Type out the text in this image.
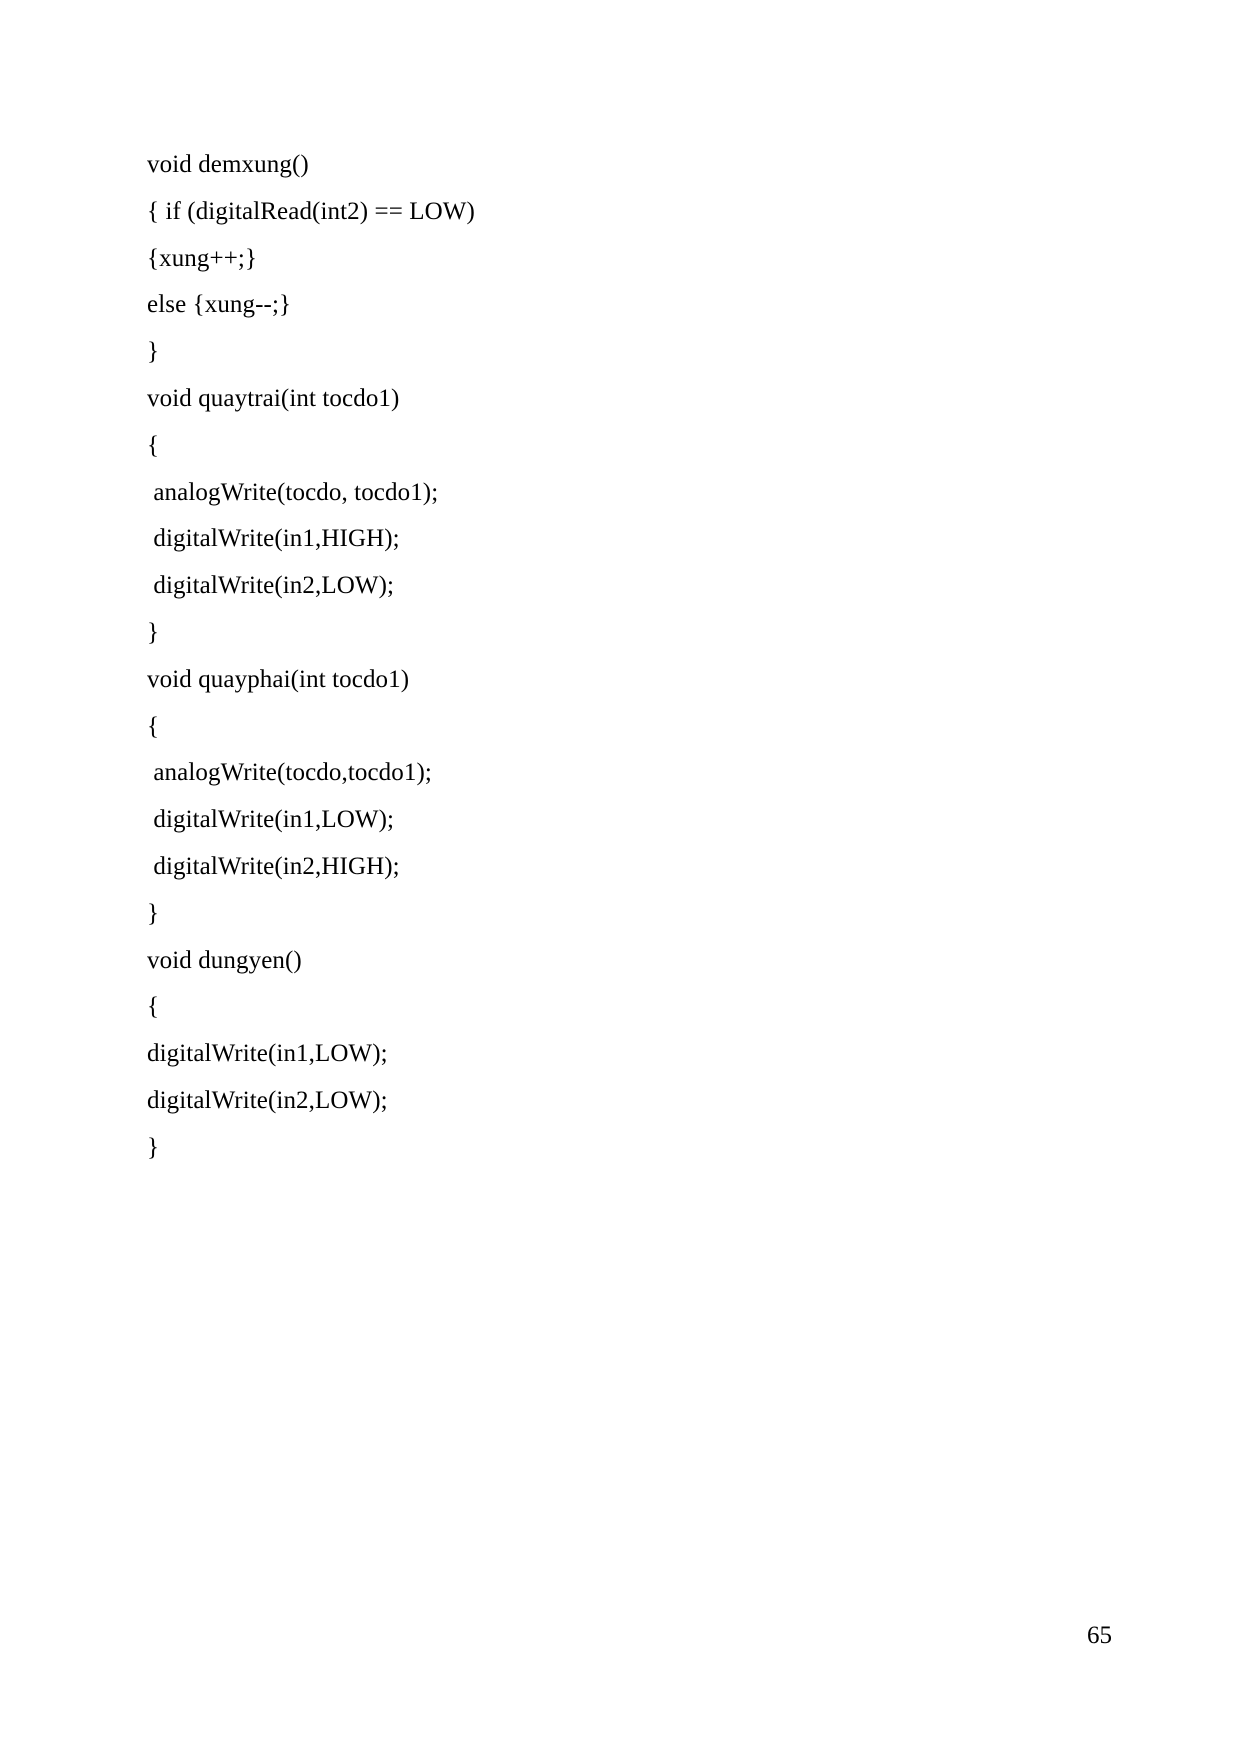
void demxung()
{ if (digitalRead(int2) == LOW)
{xung++;}
else {xung--;}
}
void quaytrai(int tocdo1)
{
analogWrite(tocdo, tocdo1);
digitalWrite(in1,HIGH);
digitalWrite(in2,LOW);
}
void quayphai(int tocdo1)
{
analogWrite(tocdo,tocdo1);
digitalWrite(in1,LOW);
digitalWrite(in2,HIGH);
}
void dungyen()
{
digitalWrite(in1,LOW);
digitalWrite(in2,LOW);
}
65
